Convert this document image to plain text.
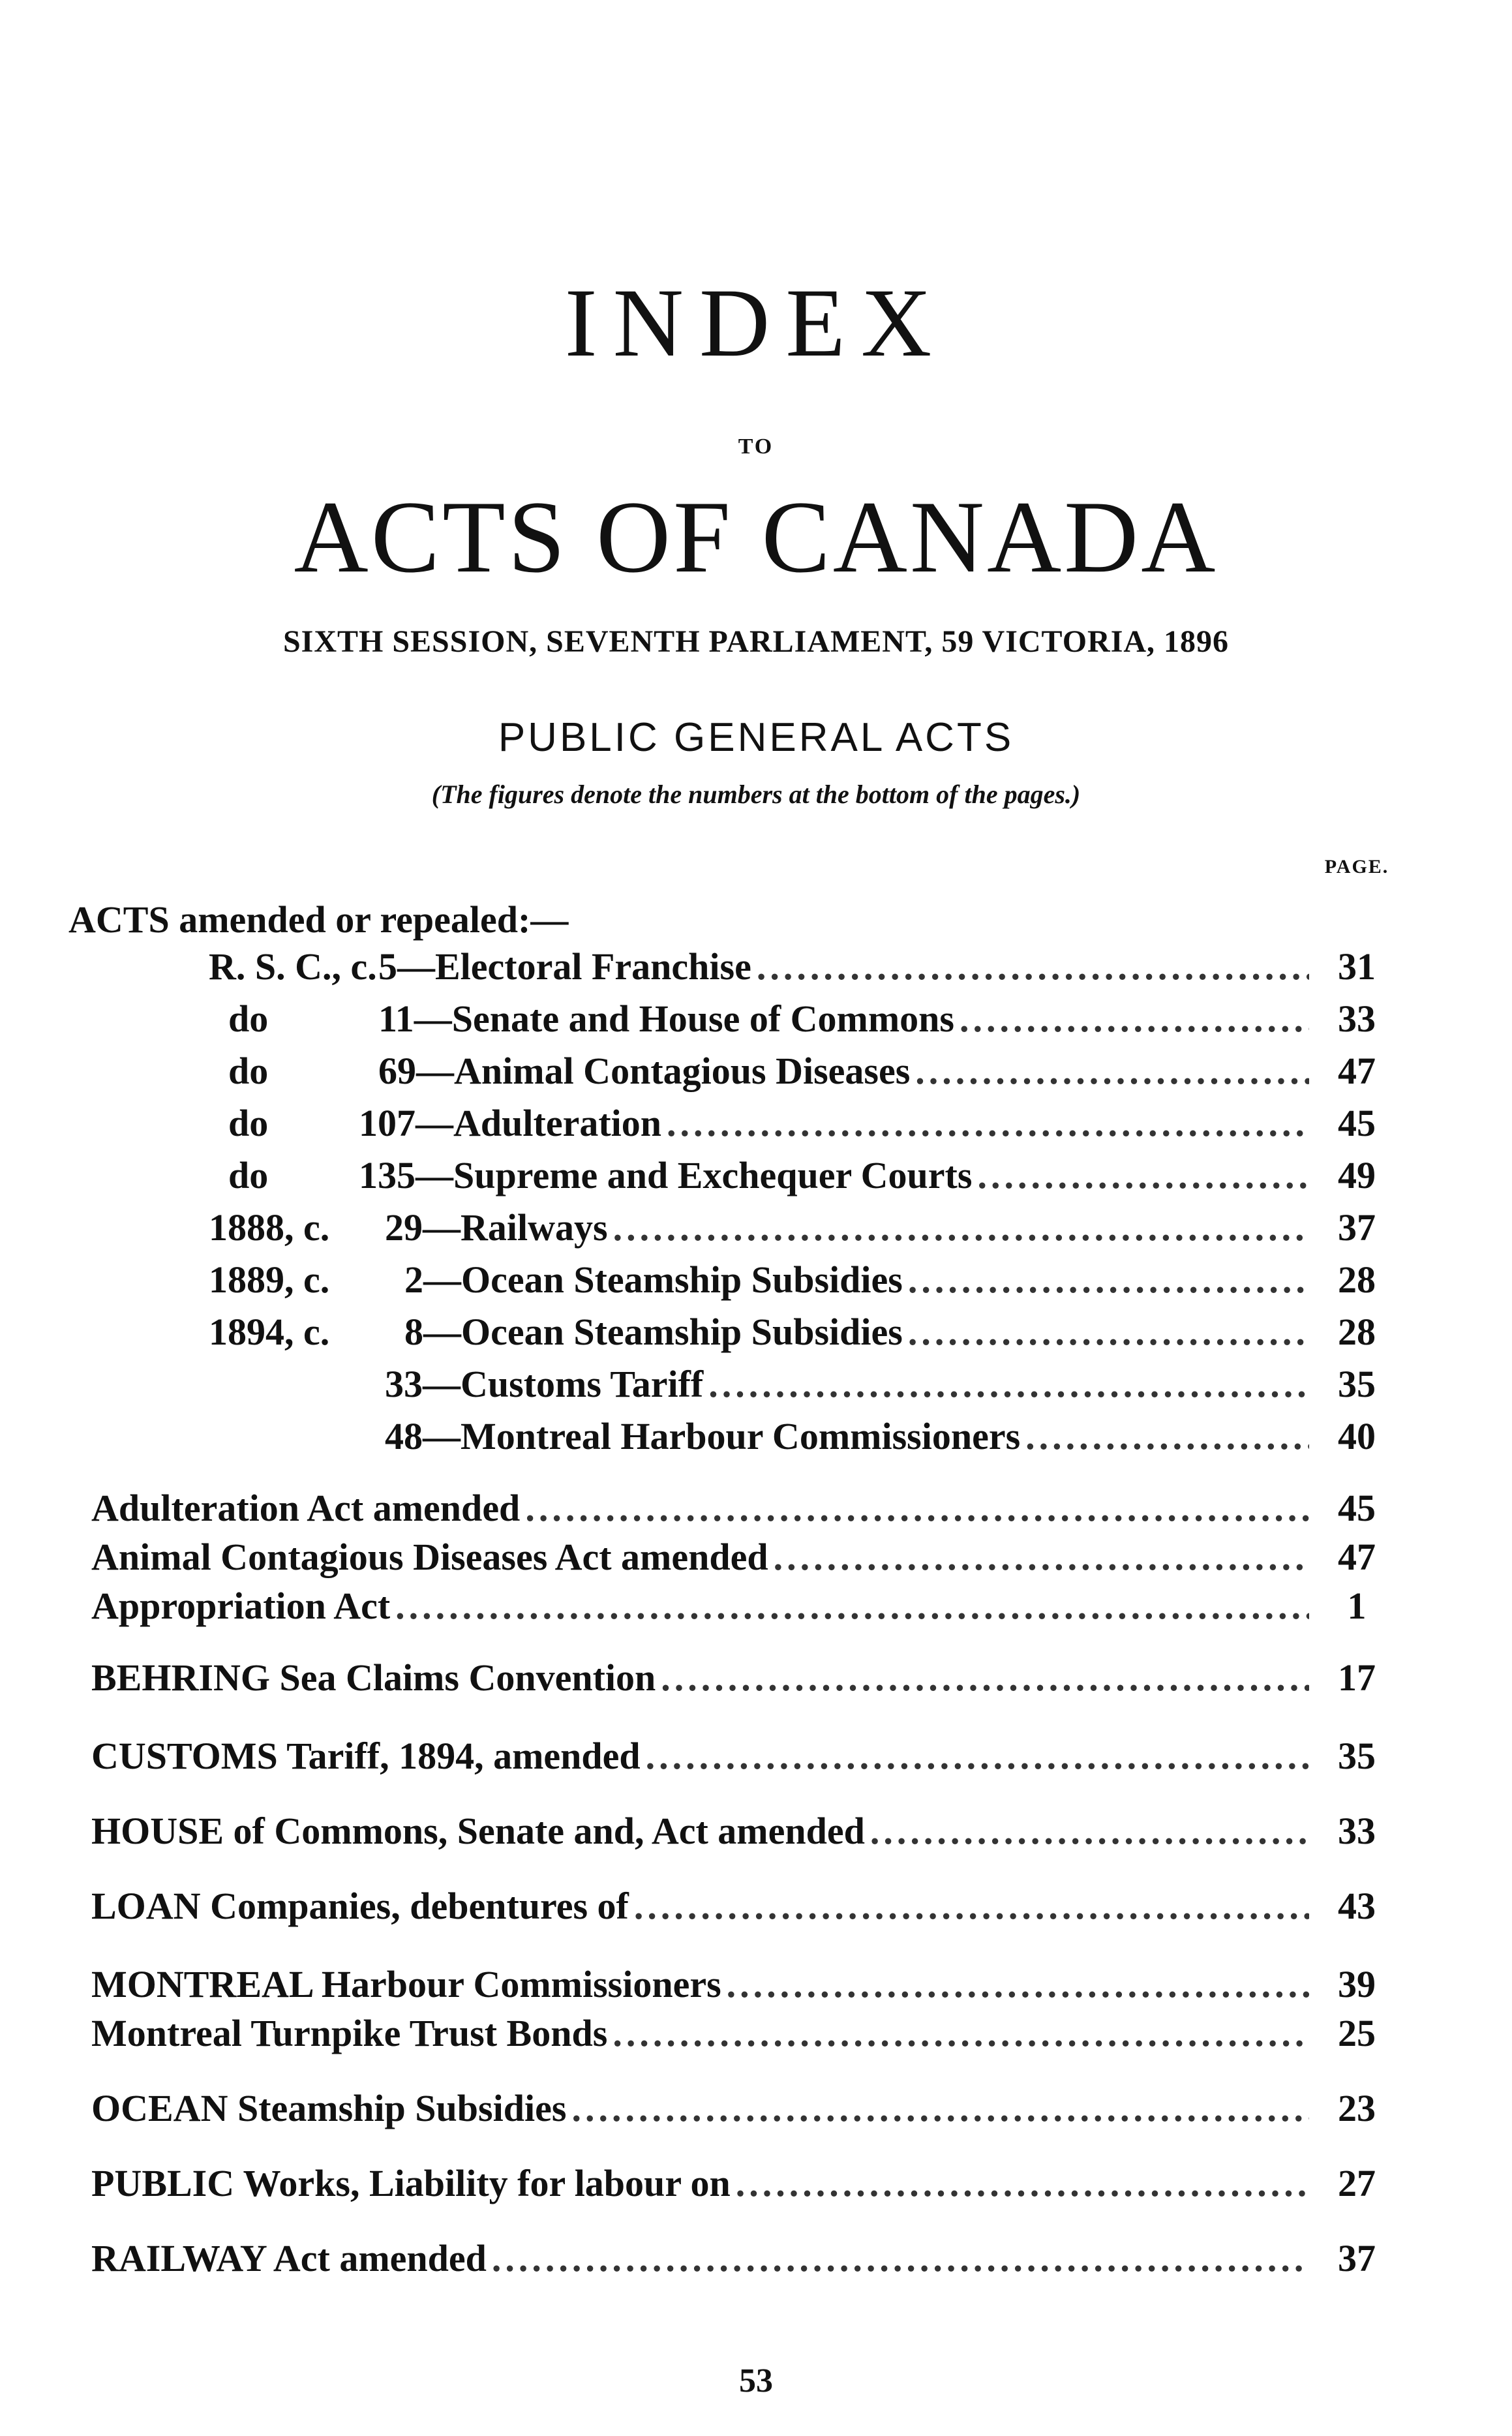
INDEX
TO
ACTS OF CANADA
SIXTH SESSION, SEVENTH PARLIAMENT, 59 VICTORIA, 1896
PUBLIC GENERAL ACTS
(The figures denote the numbers at the bottom of the pages.)
PAGE.
ACTS amended or repealed:—
R. S. C., c. 5—Electoral Franchise .....	31
do	11—Senate and House of Commons .....	33
do	69—Animal Contagious Diseases .....	47
do	107—Adulteration .....	45
do	135—Supreme and Exchequer Courts .....	49
1888, c.	29—Railways .....	37
1889, c.	2—Ocean Steamship Subsidies .....	28
1894, c.	8—Ocean Steamship Subsidies .....	28
33—Customs Tariff .....	35
48—Montreal Harbour Commissioners .....	40
Adulteration Act amended .....	45
Animal Contagious Diseases Act amended .....	47
Appropriation Act .....	1
BEHRING Sea Claims Convention .....	17
CUSTOMS Tariff, 1894, amended .....	35
HOUSE of Commons, Senate and, Act amended .....	33
LOAN Companies, debentures of .....	43
MONTREAL Harbour Commissioners .....	39
Montreal Turnpike Trust Bonds .....	25
OCEAN Steamship Subsidies .....	23
PUBLIC Works, Liability for labour on .....	27
RAILWAY Act amended .....	37
53
